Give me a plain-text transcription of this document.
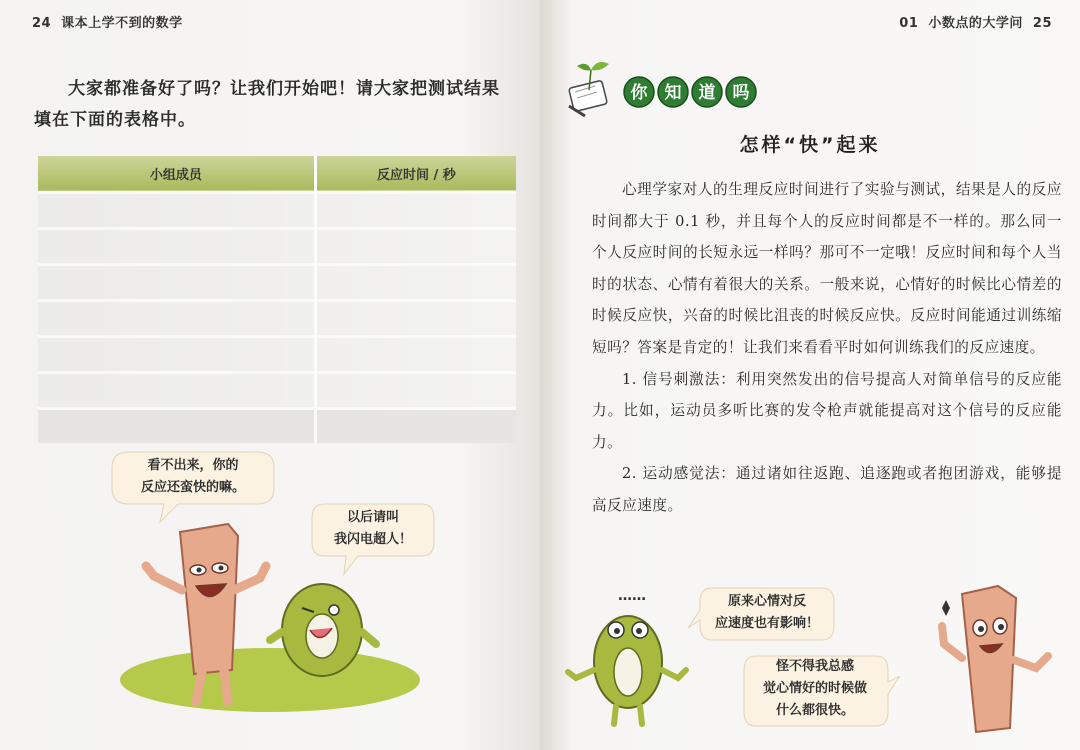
24 课本上学不到的数学
大家都准备好了吗？让我们开始吧！请大家把测试结果
填在下面的表格中。
小组成员	反应时间 / 秒

看不出来，你的
反应还蛮快的嘛。
以后请叫
我闪电超人！
01 小数点的大学问 25
你 知 道 吗
怎样“快”起来

心理学家对人的生理反应时间进行了实验与测试，结果是人的反应时间都大于 0.1 秒，并且每个人的反应时间都是不一样的。那么同一个人反应时间的长短永远一样吗？那可不一定哦！反应时间和每个人当时的状态、心情有着很大的关系。一般来说，心情好的时候比心情差的时候反应快，兴奋的时候比沮丧的时候反应快。反应时间能通过训练缩短吗？答案是肯定的！让我们来看看平时如何训练我们的反应速度。

1. 信号刺激法：利用突然发出的信号提高人对简单信号的反应能力。比如，运动员多听比赛的发令枪声就能提高对这个信号的反应能力。

2. 运动感觉法：通过诸如往返跑、追逐跑或者抱团游戏，能够提高反应速度。

原来心情对反
应速度也有影响！
怪不得我总感
觉心情好的时候做
什么都很快。
……
